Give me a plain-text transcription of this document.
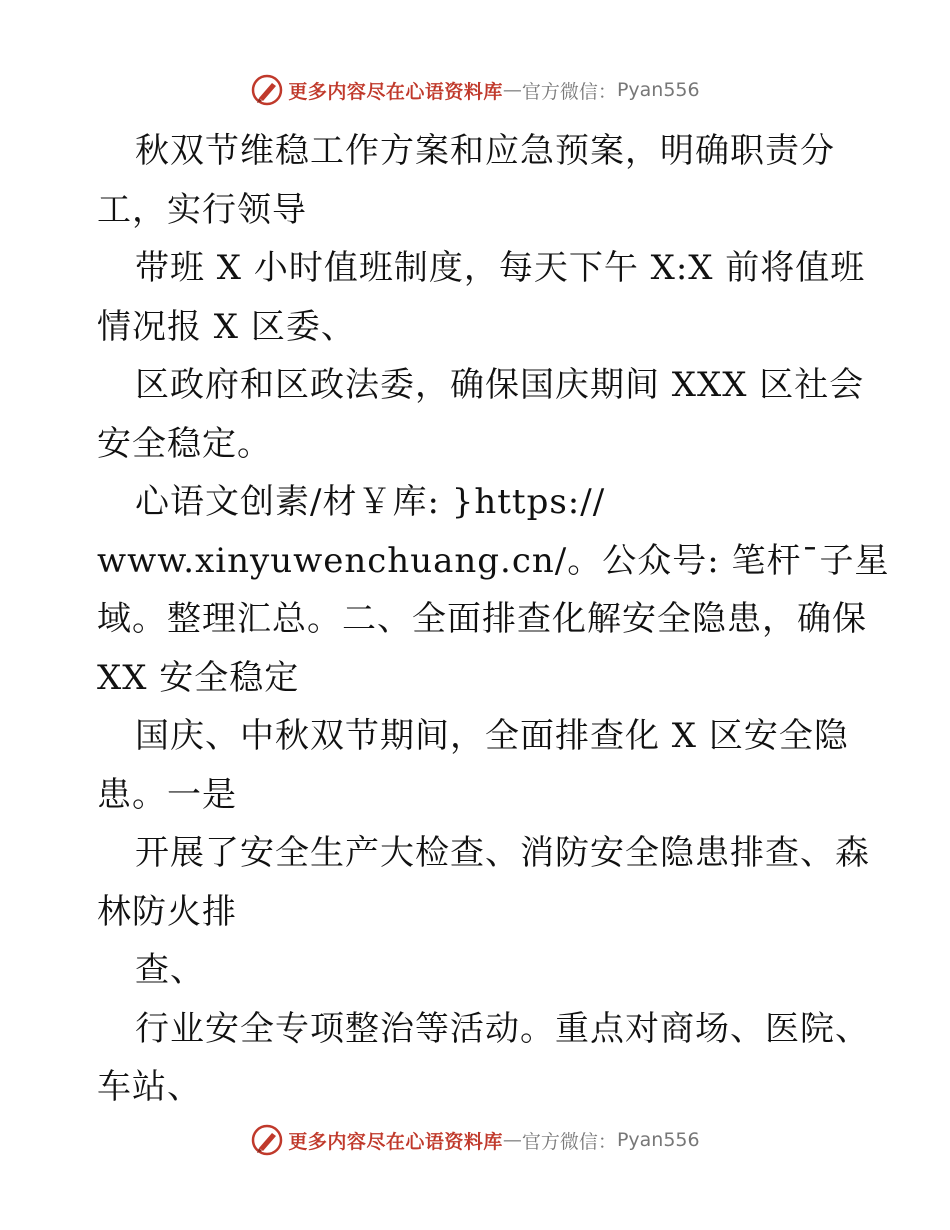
更多内容尽在心语资料库 — 官方微信： Pyan556
秋双节维稳工作方案和应急预案，明确职责分
工，实行领导
带班 X 小时值班制度，每天下午 X:X 前将值班
情况报 X 区委、
区政府和区政法委，确保国庆期间 XXX 区社会
安全稳定。
心语文创素/材￥库: }https://
www.xinyuwenchuang.cn/。公众号: 笔杆¯子星
域。整理汇总。二、全面排查化解安全隐患，确保
XX 安全稳定
国庆、中秋双节期间，全面排查化 X 区安全隐
患。一是
开展了安全生产大检查、消防安全隐患排查、森
林防火排
查、
行业安全专项整治等活动。重点对商场、医院、
车站、
更多内容尽在心语资料库 — 官方微信： Pyan556
